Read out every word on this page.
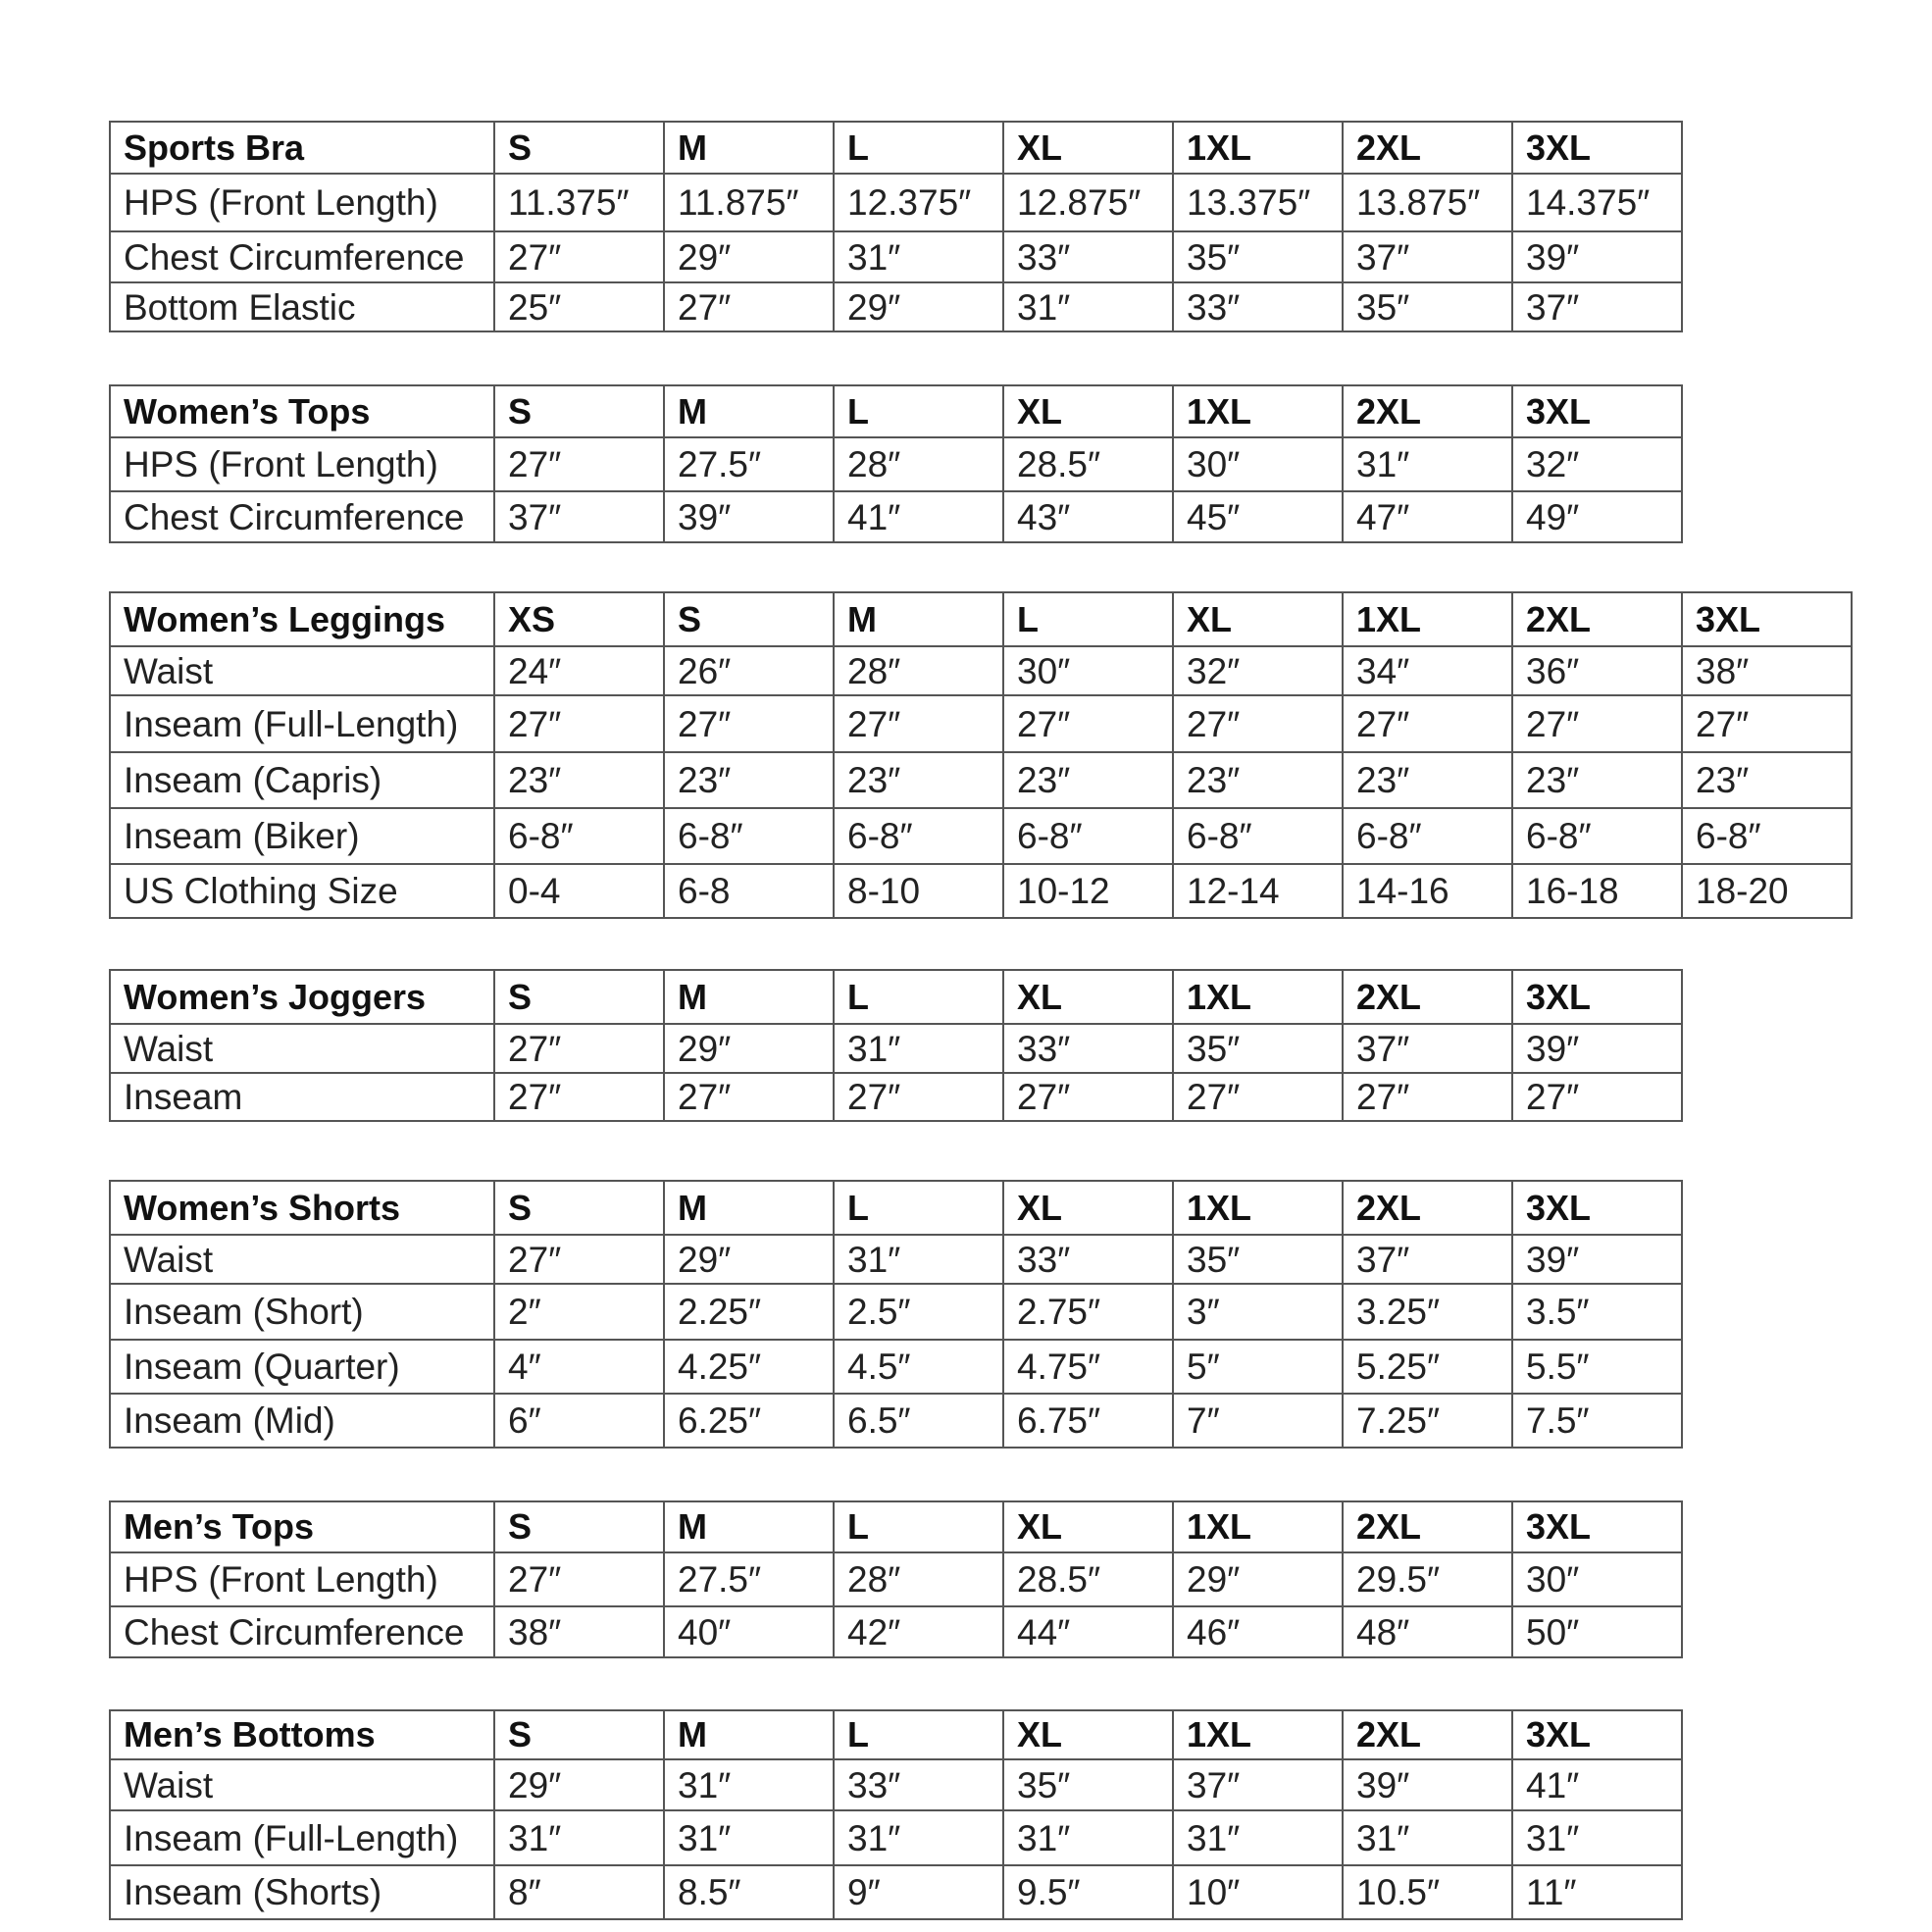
Sports Bra	S	M	L	XL	1XL	2XL	3XL
HPS (Front Length)	11.375″	11.875″	12.375″	12.875″	13.375″	13.875″	14.375″
Chest Circumference	27″	29″	31″	33″	35″	37″	39″
Bottom Elastic	25″	27″	29″	31″	33″	35″	37″
Women’s Tops	S	M	L	XL	1XL	2XL	3XL
HPS (Front Length)	27″	27.5″	28″	28.5″	30″	31″	32″
Chest Circumference	37″	39″	41″	43″	45″	47″	49″
Women’s Leggings	XS	S	M	L	XL	1XL	2XL	3XL
Waist	24″	26″	28″	30″	32″	34″	36″	38″
Inseam (Full-Length)	27″	27″	27″	27″	27″	27″	27″	27″
Inseam (Capris)	23″	23″	23″	23″	23″	23″	23″	23″
Inseam (Biker)	6-8″	6-8″	6-8″	6-8″	6-8″	6-8″	6-8″	6-8″
US Clothing Size	0-4	6-8	8-10	10-12	12-14	14-16	16-18	18-20
Women’s Joggers	S	M	L	XL	1XL	2XL	3XL
Waist	27″	29″	31″	33″	35″	37″	39″
Inseam	27″	27″	27″	27″	27″	27″	27″
Women’s Shorts	S	M	L	XL	1XL	2XL	3XL
Waist	27″	29″	31″	33″	35″	37″	39″
Inseam (Short)	2″	2.25″	2.5″	2.75″	3″	3.25″	3.5″
Inseam (Quarter)	4″	4.25″	4.5″	4.75″	5″	5.25″	5.5″
Inseam (Mid)	6″	6.25″	6.5″	6.75″	7″	7.25″	7.5″
Men’s Tops	S	M	L	XL	1XL	2XL	3XL
HPS (Front Length)	27″	27.5″	28″	28.5″	29″	29.5″	30″
Chest Circumference	38″	40″	42″	44″	46″	48″	50″
Men’s Bottoms	S	M	L	XL	1XL	2XL	3XL
Waist	29″	31″	33″	35″	37″	39″	41″
Inseam (Full-Length)	31″	31″	31″	31″	31″	31″	31″
Inseam (Shorts)	8″	8.5″	9″	9.5″	10″	10.5″	11″
